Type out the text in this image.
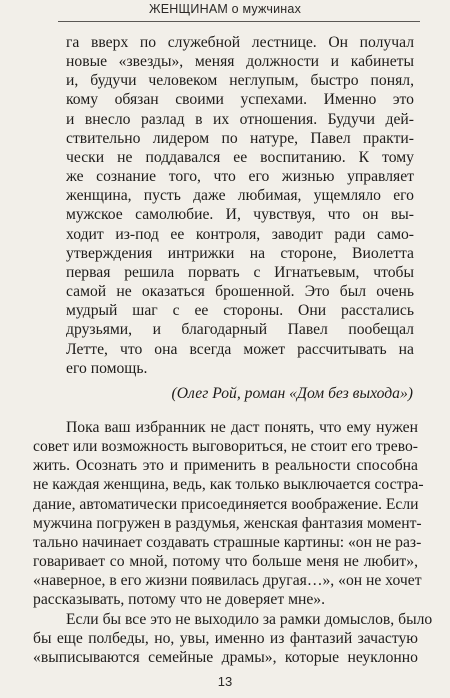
ЖЕНЩИНАМ о мужчинах
га вверх по служебной лестнице. Он получал
новые «звезды», меняя должности и кабинеты
и, будучи человеком неглупым, быстро понял,
кому обязан своими успехами. Именно это
и внесло разлад в их отношения. Будучи дей-
ствительно лидером по натуре, Павел практи-
чески не поддавался ее воспитанию. К тому
же сознание того, что его жизнью управляет
женщина, пусть даже любимая, ущемляло его
мужское самолюбие. И, чувствуя, что он вы-
ходит из-под ее контроля, заводит ради само-
утверждения интрижки на стороне, Виолетта
первая решила порвать с Игнатьевым, чтобы
самой не оказаться брошенной. Это был очень
мудрый шаг с ее стороны. Они расстались
друзьями, и благодарный Павел пообещал
Летте, что она всегда может рассчитывать на
его помощь.
(Олег Рой, роман «Дом без выхода»)
Пока ваш избранник не даст понять, что ему нужен
совет или возможность выговориться, не стоит его трево-
жить. Осознать это и применить в реальности способна
не каждая женщина, ведь, как только выключается состра-
дание, автоматически присоединяется воображение. Если
мужчина погружен в раздумья, женская фантазия момент-
тально начинает создавать страшные картины: «он не раз-
говаривает со мной, потому что больше меня не любит»,
«наверное, в его жизни появилась другая…», «он не хочет
рассказывать, потому что не доверяет мне».
Если бы все это не выходило за рамки домыслов, было
бы еще полбеды, но, увы, именно из фантазий зачастую
«выписываются семейные драмы», которые неуклонно
13
